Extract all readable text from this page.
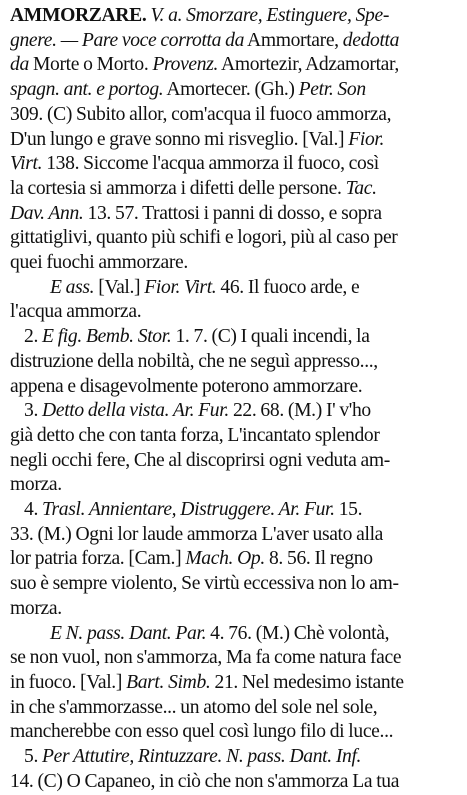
AMMORZARE. V. a. Smorzare, Estinguere, Spe-
gnere. — Pare voce corrotta da Ammortare, dedotta
da Morte o Morto. Provenz. Amortezir, Adzamortar,
spagn. ant. e portog. Amortecer. (Gh.) Petr. Son
309. (C) Subito allor, com'acqua il fuoco ammorza,
D'un lungo e grave sonno mi risveglio. [Val.] Fior.
Virt. 138. Siccome l'acqua ammorza il fuoco, così
la cortesia si ammorza i difetti delle persone. Tac.
Dav. Ann. 13. 57. Trattosi i panni di dosso, e sopra
gittatiglivi, quanto più schifi e logori, più al caso per
quei fuochi ammorzare.
E ass. [Val.] Fior. Virt. 46. Il fuoco arde, e
l'acqua ammorza.
2. E fig. Bemb. Stor. 1. 7. (C) I quali incendi, la
distruzione della nobiltà, che ne seguì appresso...,
appena e disagevolmente poterono ammorzare.
3. Detto della vista. Ar. Fur. 22. 68. (M.) I' v'ho
già detto che con tanta forza, L'incantato splendor
negli occhi fere, Che al discoprirsi ogni veduta am-
morza.
4. Trasl. Annientare, Distruggere. Ar. Fur. 15.
33. (M.) Ogni lor laude ammorza L'aver usato alla
lor patria forza. [Cam.] Mach. Op. 8. 56. Il regno
suo è sempre violento, Se virtù eccessiva non lo am-
morza.
E N. pass. Dant. Par. 4. 76. (M.) Chè volontà,
se non vuol, non s'ammorza, Ma fa come natura face
in fuoco. [Val.] Bart. Simb. 21. Nel medesimo istante
in che s'ammorzasse... un atomo del sole nel sole,
mancherebbe con esso quel così lungo filo di luce...
5. Per Attutire, Rintuzzare. N. pass. Dant. Inf.
14. (C) O Capaneo, in ciò che non s'ammorza La tua
